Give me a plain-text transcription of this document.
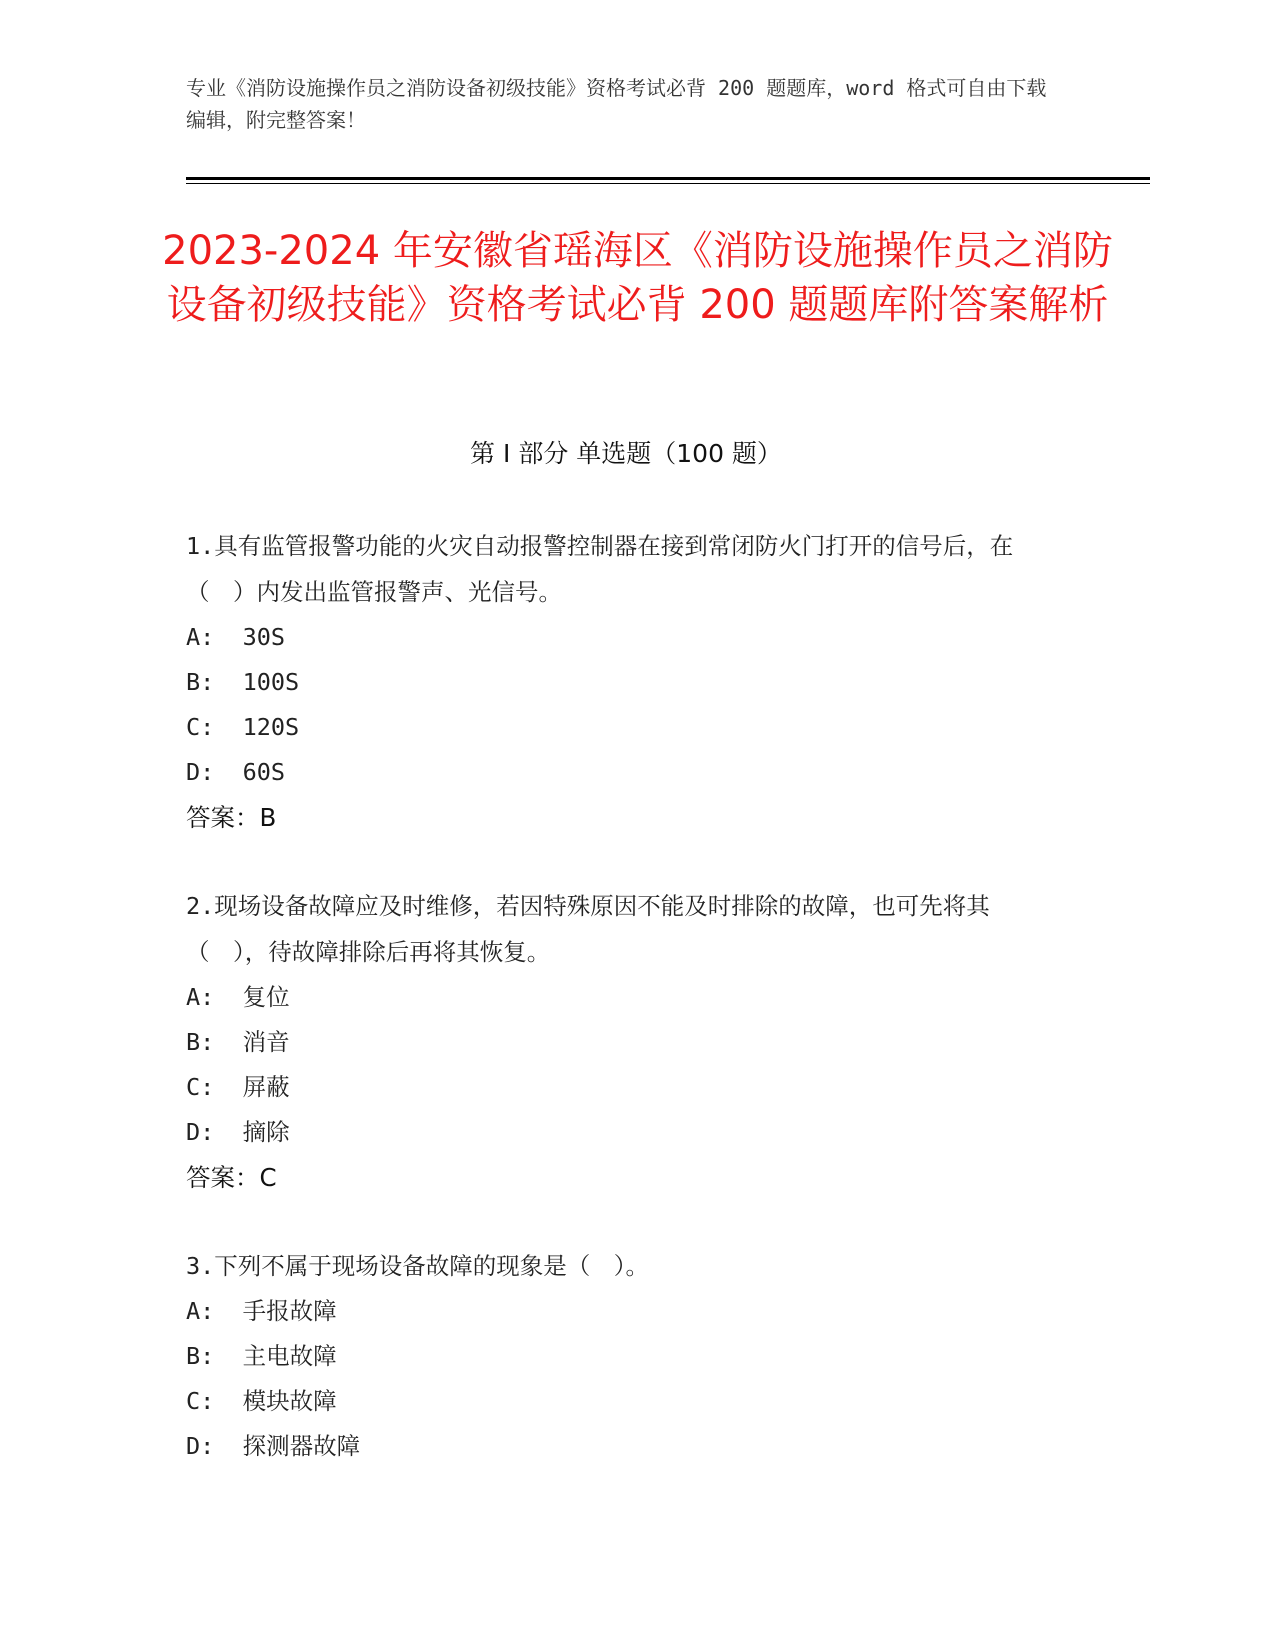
专业《消防设施操作员之消防设备初级技能》资格考试必背 200 题题库，word 格式可自由下载编辑，附完整答案！
2023-2024 年安徽省瑶海区《消防设施操作员之消防设备初级技能》资格考试必背 200 题题库附答案解析
第 I 部分 单选题（100 题）
1.具有监管报警功能的火灾自动报警控制器在接到常闭防火门打开的信号后，在（　）内发出监管报警声、光信号。
A:  30S
B:  100S
C:  120S
D:  60S
答案：B
2.现场设备故障应及时维修，若因特殊原因不能及时排除的故障，也可先将其（　），待故障排除后再将其恢复。
A:  复位
B:  消音
C:  屏蔽
D:  摘除
答案：C
3.下列不属于现场设备故障的现象是（　）。
A:  手报故障
B:  主电故障
C:  模块故障
D:  探测器故障
